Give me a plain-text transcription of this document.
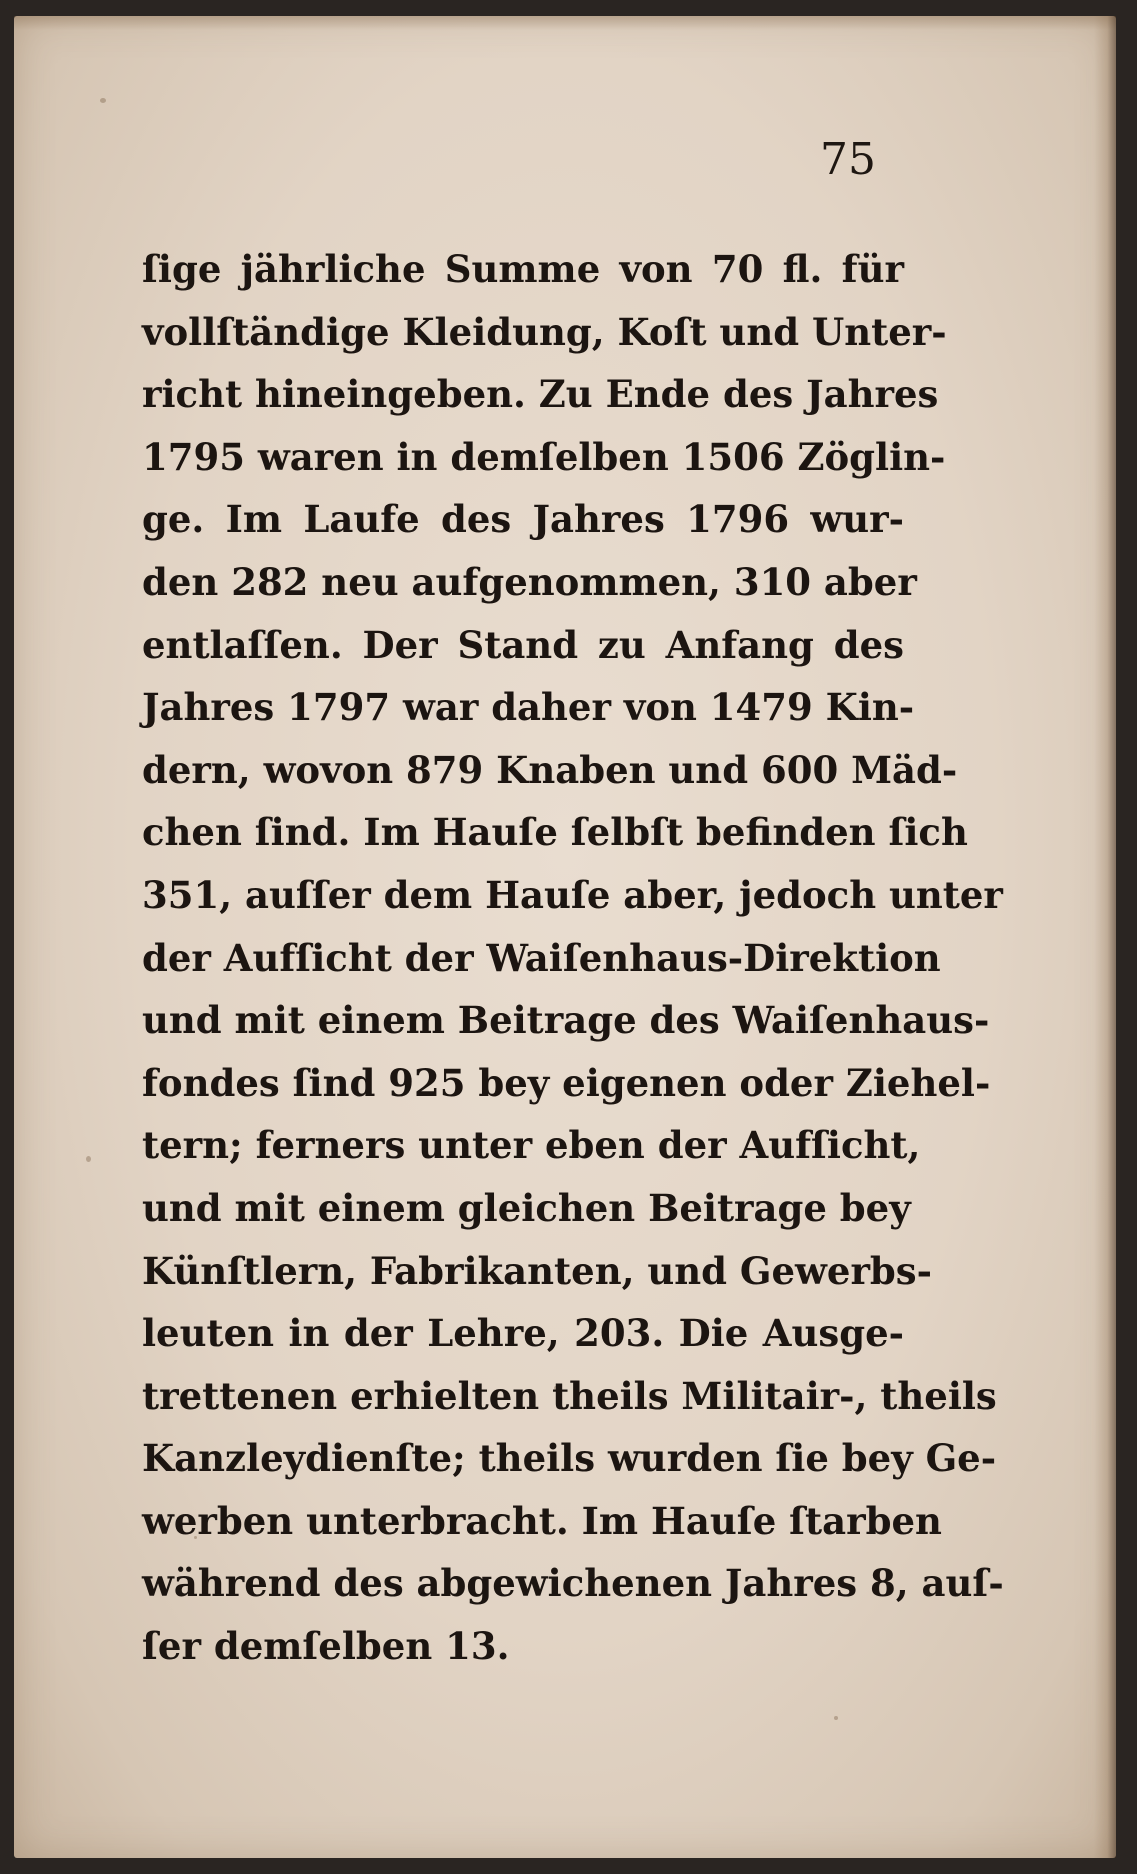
75
ſige jährliche Summe von 70 fl. für
vollſtändige Kleidung, Koſt und Unter-
richt hineingeben. Zu Ende des Jahres
1795 waren in demſelben 1506 Zöglin-
ge. Im Laufe des Jahres 1796 wur-
den 282 neu aufgenommen, 310 aber
entlaſſen. Der Stand zu Anfang des
Jahres 1797 war daher von 1479 Kin-
dern, wovon 879 Knaben und 600 Mäd-
chen ſind. Im Hauſe ſelbſt befinden ſich
351, auſſer dem Hauſe aber, jedoch unter
der Aufſicht der Waiſenhaus-Direktion
und mit einem Beitrage des Waiſenhaus-
fondes ſind 925 bey eigenen oder Ziehel-
tern; ferners unter eben der Aufſicht,
und mit einem gleichen Beitrage bey
Künſtlern, Fabrikanten, und Gewerbs-
leuten in der Lehre, 203. Die Ausge-
trettenen erhielten theils Militair-, theils
Kanzleydienſte; theils wurden ſie bey Ge-
werben unterbracht. Im Hauſe ſtarben
während des abgewichenen Jahres 8, auſ-
ſer demſelben 13.
